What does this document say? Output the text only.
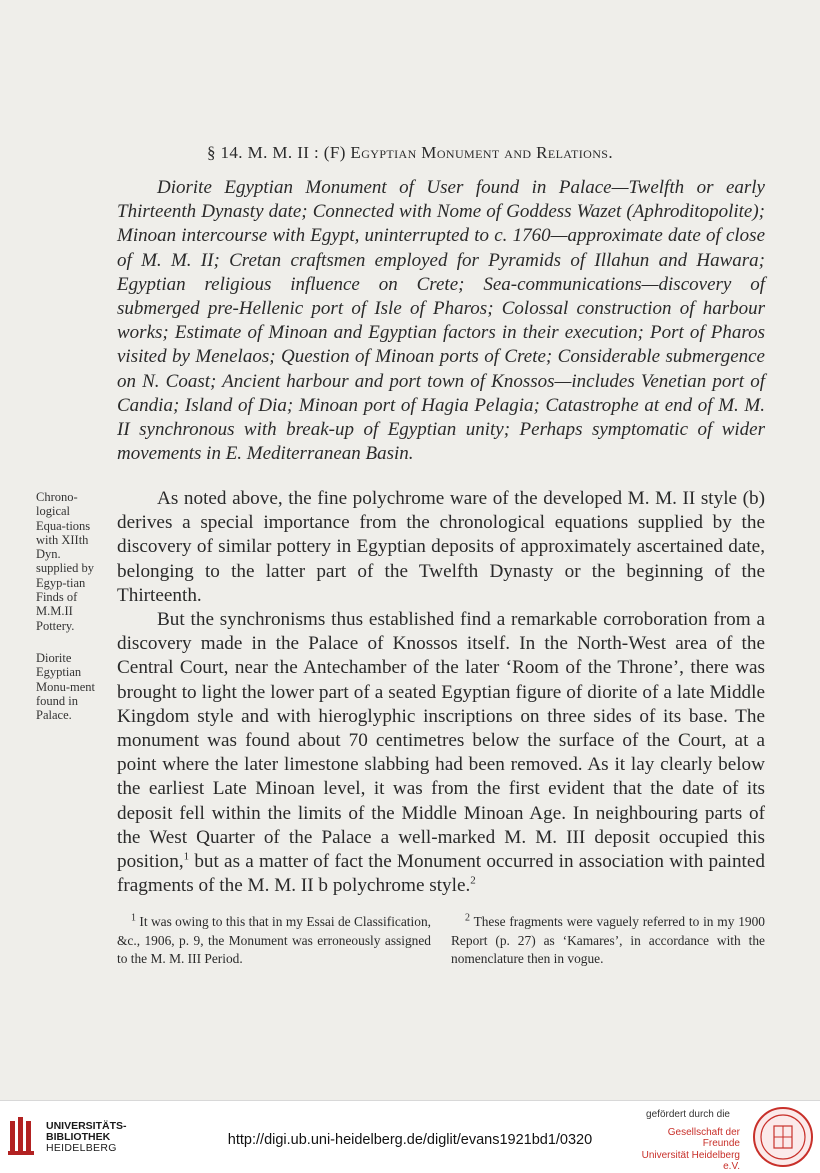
§ 14. M. M. II : (F) Egyptian Monument and Relations.
Diorite Egyptian Monument of User found in Palace—Twelfth or early Thirteenth Dynasty date; Connected with Nome of Goddess Wazet (Aphroditopolite); Minoan intercourse with Egypt, uninterrupted to c. 1760—approximate date of close of M. M. II; Cretan craftsmen employed for Pyramids of Illahun and Hawara; Egyptian religious influence on Crete; Sea-communications—discovery of submerged pre-Hellenic port of Isle of Pharos; Colossal construction of harbour works; Estimate of Minoan and Egyptian factors in their execution; Port of Pharos visited by Menelaos; Question of Minoan ports of Crete; Considerable submergence on N. Coast; Ancient harbour and port town of Knossos—includes Venetian port of Candia; Island of Dia; Minoan port of Hagia Pelagia; Catastrophe at end of M. M. II synchronous with break-up of Egyptian unity; Perhaps symptomatic of wider movements in E. Mediterranean Basin.
Chrono-logical Equa-tions with XIIth Dyn. supplied by Egyp-tian Finds of M.M.II Pottery.
Diorite Egyptian Monu-ment found in Palace.

As noted above, the fine polychrome ware of the developed M. M. II style (b) derives a special importance from the chronological equations supplied by the discovery of similar pottery in Egyptian deposits of approximately ascertained date, belonging to the latter part of the Twelfth Dynasty or the beginning of the Thirteenth.

But the synchronisms thus established find a remarkable corroboration from a discovery made in the Palace of Knossos itself. In the North-West area of the Central Court, near the Antechamber of the later ‘Room of the Throne’, there was brought to light the lower part of a seated Egyptian figure of diorite of a late Middle Kingdom style and with hieroglyphic inscriptions on three sides of its base. The monument was found about 70 centimetres below the surface of the Court, at a point where the later limestone slabbing had been removed. As it lay clearly below the earliest Late Minoan level, it was from the first evident that the date of its deposit fell within the limits of the Middle Minoan Age. In neighbouring parts of the West Quarter of the Palace a well-marked M. M. III deposit occupied this position,$^1$ but as a matter of fact the Monument occurred in association with painted fragments of the M. M. II b polychrome style.$^2$

$^1$ It was owing to this that in my Essai de Classification, &c., 1906, p. 9, the Monument was erroneously assigned to the M. M. III Period.
$^2$ These fragments were vaguely referred to in my 1900 Report (p. 27) as ‘Kamares’, in accordance with the nomenclature then in vogue.
UNIVERSITÄTS-
BIBLIOTHEK
HEIDELBERG	http://digi.ub.uni-heidelberg.de/diglit/evans1921bd1/0320
gefördert durch die
Gesellschaft der Freunde
Universität Heidelberg e.V.
